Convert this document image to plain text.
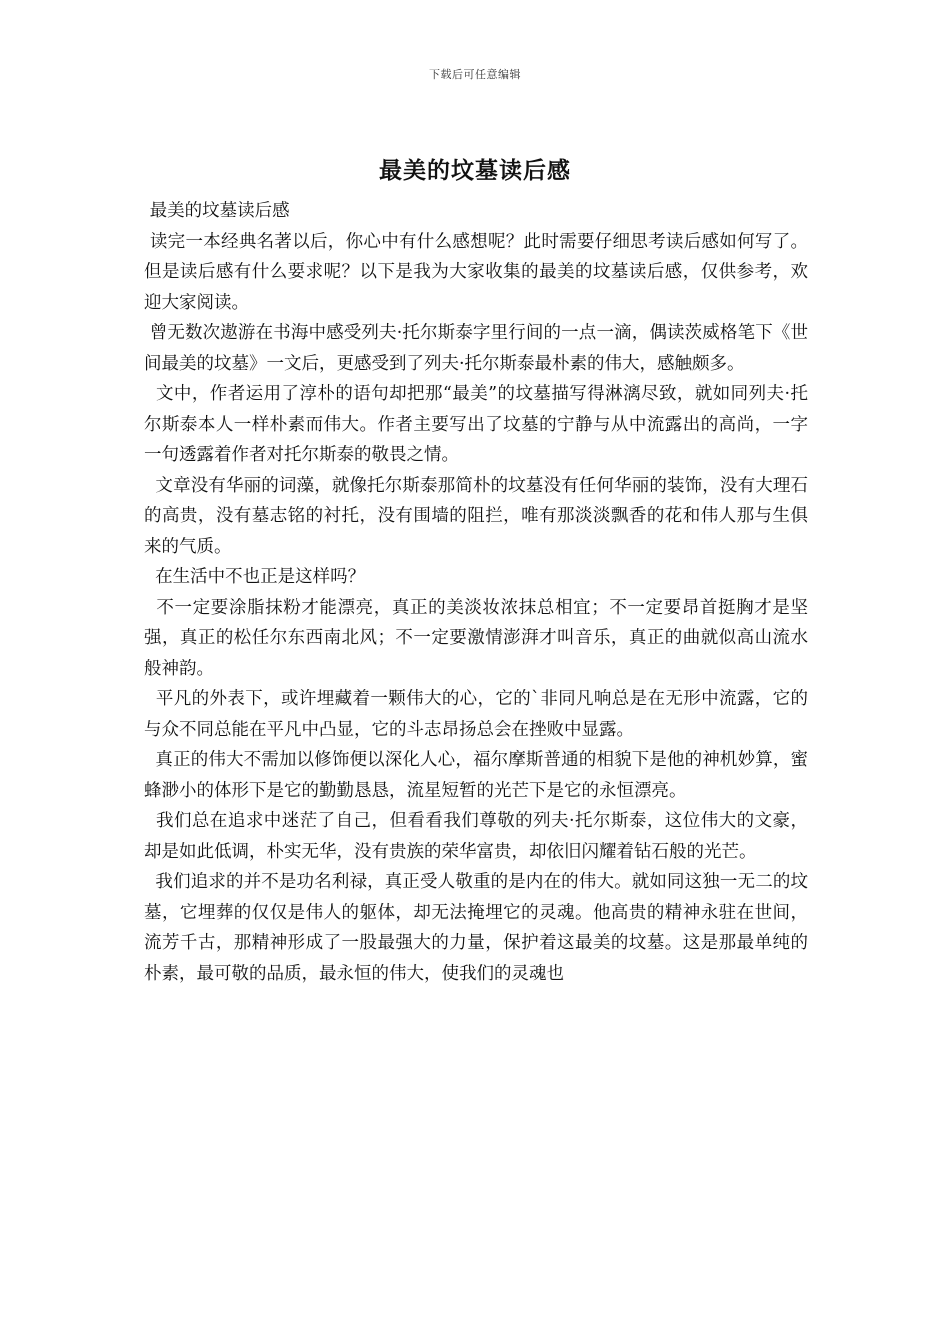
下载后可任意编辑
最美的坟墓读后感

最美的坟墓读后感

读完一本经典名著以后，你心中有什么感想呢？此时需要仔细思考读后感如何写了。但是读后感有什么要求呢？以下是我为大家收集的最美的坟墓读后感，仅供参考，欢迎大家阅读。

曾无数次遨游在书海中感受列夫·托尔斯泰字里行间的一点一滴，偶读茨威格笔下《世间最美的坟墓》一文后，更感受到了列夫·托尔斯泰最朴素的伟大，感触颇多。

文中，作者运用了淳朴的语句却把那“最美”的坟墓描写得淋漓尽致，就如同列夫·托尔斯泰本人一样朴素而伟大。作者主要写出了坟墓的宁静与从中流露出的高尚，一字一句透露着作者对托尔斯泰的敬畏之情。

文章没有华丽的词藻，就像托尔斯泰那简朴的坟墓没有任何华丽的装饰，没有大理石的高贵，没有墓志铭的衬托，没有围墙的阻拦，唯有那淡淡飘香的花和伟人那与生俱来的气质。

在生活中不也正是这样吗？

不一定要涂脂抹粉才能漂亮，真正的美淡妆浓抹总相宜；不一定要昂首挺胸才是坚强，真正的松任尔东西南北风；不一定要激情澎湃才叫音乐，真正的曲就似高山流水般神韵。

平凡的外表下，或许埋藏着一颗伟大的心，它的`非同凡响总是在无形中流露，它的与众不同总能在平凡中凸显，它的斗志昂扬总会在挫败中显露。

真正的伟大不需加以修饰便以深化人心，福尔摩斯普通的相貌下是他的神机妙算，蜜蜂渺小的体形下是它的勤勤恳恳，流星短暂的光芒下是它的永恒漂亮。

我们总在追求中迷茫了自己，但看看我们尊敬的列夫·托尔斯泰，这位伟大的文豪，却是如此低调，朴实无华，没有贵族的荣华富贵，却依旧闪耀着钻石般的光芒。

我们追求的并不是功名利禄，真正受人敬重的是内在的伟大。就如同这独一无二的坟墓，它埋葬的仅仅是伟人的躯体，却无法掩埋它的灵魂。他高贵的精神永驻在世间，流芳千古，那精神形成了一股最强大的力量，保护着这最美的坟墓。这是那最单纯的朴素，最可敬的品质，最永恒的伟大，使我们的灵魂也
